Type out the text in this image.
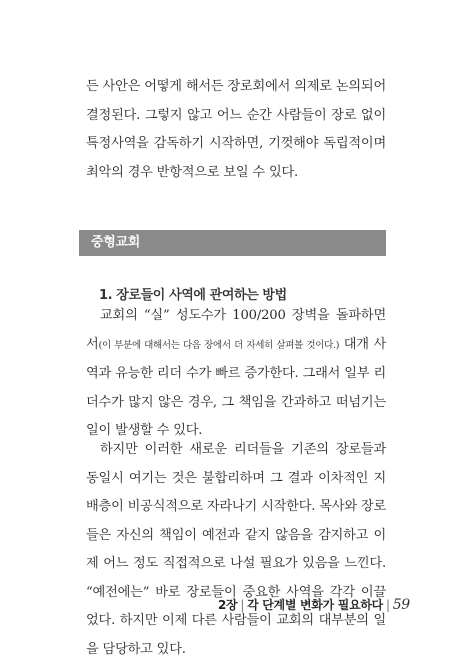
든 사안은 어떻게 해서든 장로회에서 의제로 논의되어 결정된다. 그렇지 않고 어느 순간 사람들이 장로 없이 특정사역을 감독하기 시작하면, 기껏해야 독립적이며 최악의 경우 반항적으로 보일 수 있다.

중형교회
1. 장로들이 사역에 관여하는 방법

교회의 “실” 성도수가 100/200 장벽을 돌파하면서(이 부분에 대해서는 다음 장에서 더 자세히 살펴볼 것이다.) 대개 사역과 유능한 리더 수가 빠르 증가한다. 그래서 일부 리더수가 많지 않은 경우, 그 책임을 간과하고 떠넘기는 일이 발생할 수 있다.

하지만 이러한 새로운 리더들을 기존의 장로들과 동일시 여기는 것은 불합리하며 그 결과 이차적인 지배층이 비공식적으로 자라나기 시작한다. 목사와 장로들은 자신의 책임이 예전과 같지 않음을 감지하고 이제 어느 정도 직접적으로 나설 필요가 있음을 느낀다. “예전에는” 바로 장로들이 중요한 사역을 각각 이끌었다. 하지만 이제 다른 사람들이 교회의 대부분의 일을 담당하고 있다.

2장 | 각 단계별 변화가 필요하다 | 59
